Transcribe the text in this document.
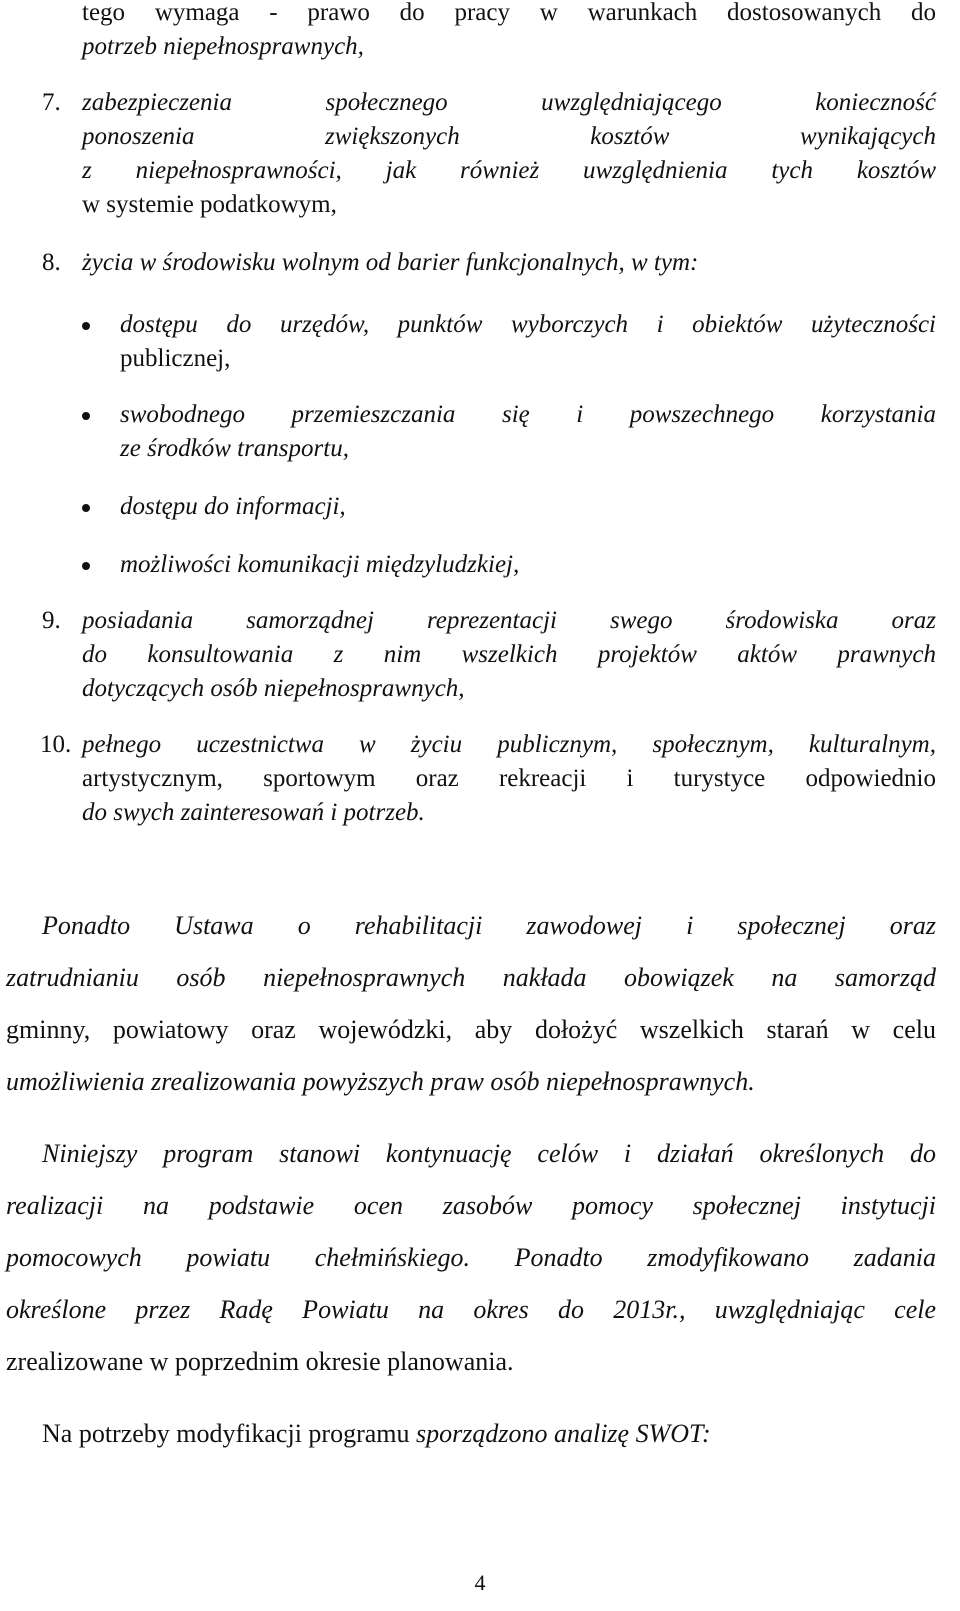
tego wymaga - prawo do pracy w warunkach dostosowanych do
potrzeb niepełnosprawnych,
7. zabezpieczenia społecznego uwzględniającego konieczność
ponoszenia zwiększonych kosztów wynikających
z niepełnosprawności, jak również uwzględnienia tych kosztów
w systemie podatkowym,
8. życia w środowisku wolnym od barier funkcjonalnych, w tym:
dostępu do urzędów, punktów wyborczych i obiektów użyteczności
publicznej,
swobodnego przemieszczania się i powszechnego korzystania
ze środków transportu,
dostępu do informacji,
możliwości komunikacji międzyludzkiej,
9. posiadania samorządnej reprezentacji swego środowiska oraz
do konsultowania z nim wszelkich projektów aktów prawnych
dotyczących osób niepełnosprawnych,
10. pełnego uczestnictwa w życiu publicznym, społecznym, kulturalnym,
artystycznym, sportowym oraz rekreacji i turystyce odpowiednio
do swych zainteresowań i potrzeb.
Ponadto Ustawa o rehabilitacji zawodowej i społecznej oraz
zatrudnianiu osób niepełnosprawnych nakłada obowiązek na samorząd
gminny, powiatowy oraz wojewódzki, aby dołożyć wszelkich starań w celu
umożliwienia zrealizowania powyższych praw osób niepełnosprawnych.
Niniejszy program stanowi kontynuację celów i działań określonych do
realizacji na podstawie ocen zasobów pomocy społecznej instytucji
pomocowych powiatu chełmińskiego. Ponadto zmodyfikowano zadania
określone przez Radę Powiatu na okres do 2013r., uwzględniając cele
zrealizowane w poprzednim okresie planowania.
Na potrzeby modyfikacji programu sporządzono analizę SWOT:
4
